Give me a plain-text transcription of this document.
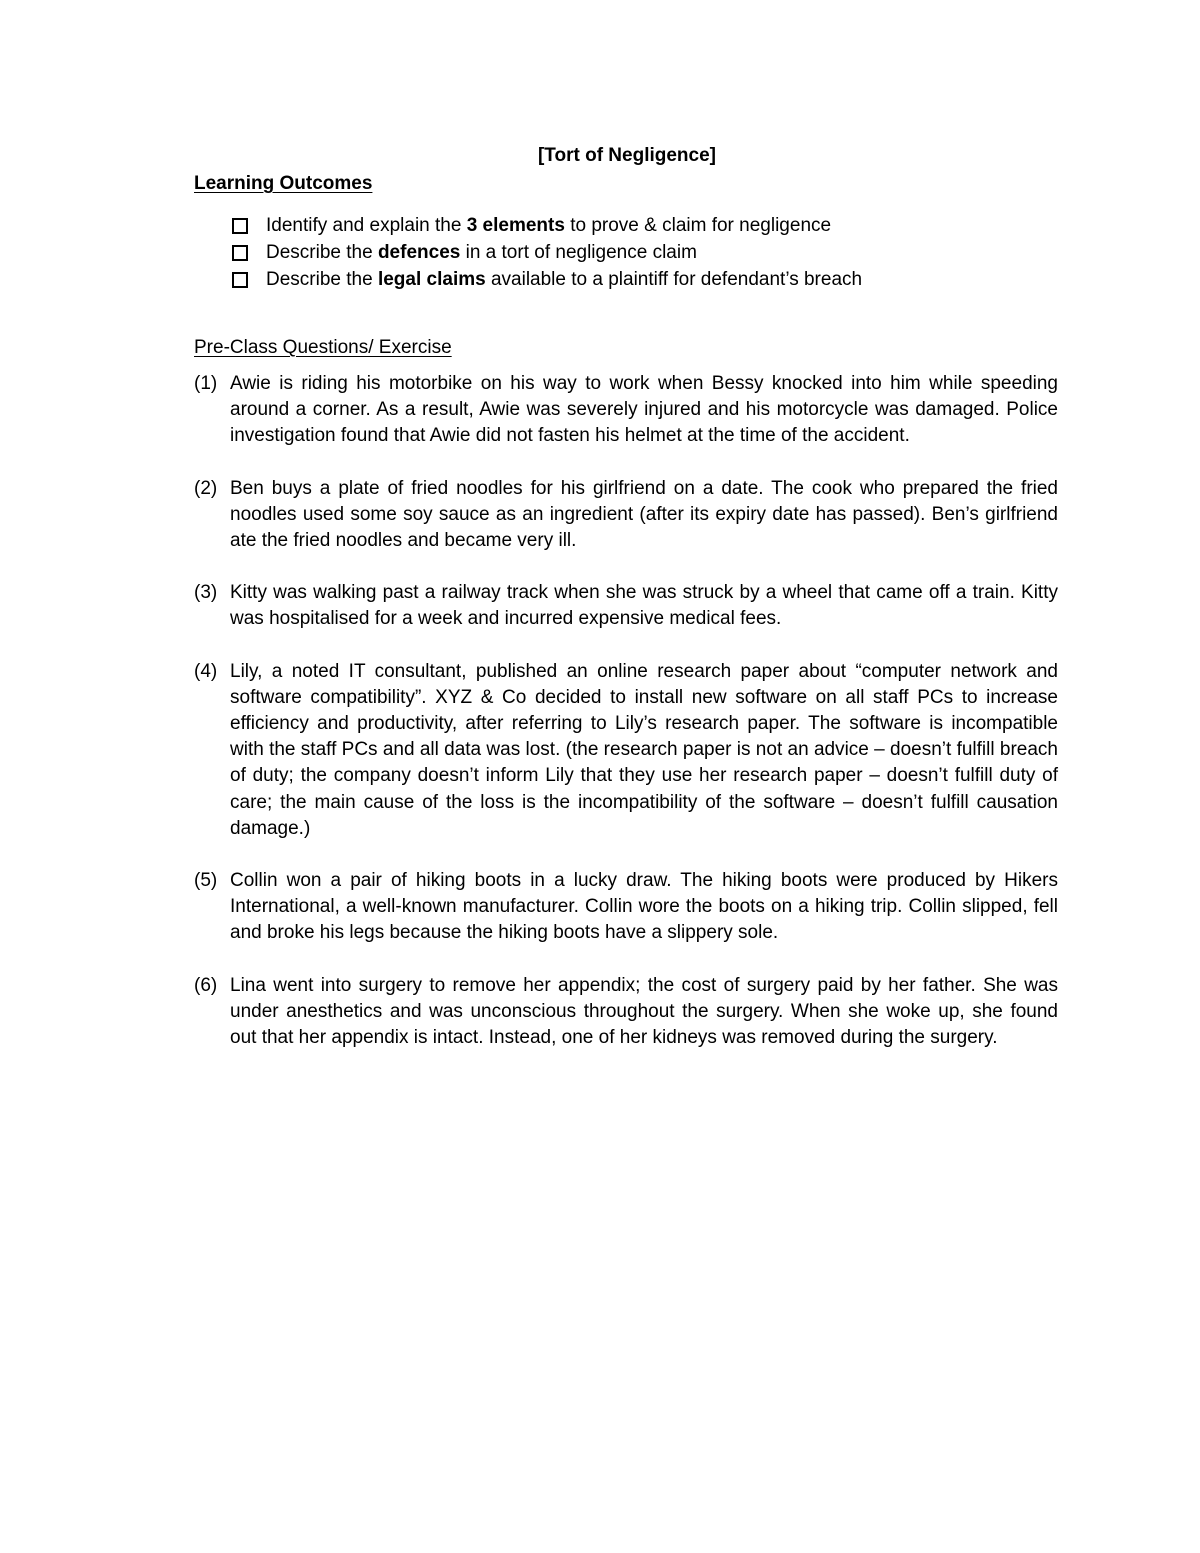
[Tort of Negligence]
Learning Outcomes
Identify and explain the 3 elements to prove & claim for negligence
Describe the defences in a tort of negligence claim
Describe the legal claims available to a plaintiff for defendant’s breach
Pre-Class Questions/ Exercise
(1) Awie is riding his motorbike on his way to work when Bessy knocked into him while speeding around a corner. As a result, Awie was severely injured and his motorcycle was damaged. Police investigation found that Awie did not fasten his helmet at the time of the accident.
(2) Ben buys a plate of fried noodles for his girlfriend on a date. The cook who prepared the fried noodles used some soy sauce as an ingredient (after its expiry date has passed). Ben’s girlfriend ate the fried noodles and became very ill.
(3) Kitty was walking past a railway track when she was struck by a wheel that came off a train. Kitty was hospitalised for a week and incurred expensive medical fees.
(4) Lily, a noted IT consultant, published an online research paper about “computer network and software compatibility”. XYZ & Co decided to install new software on all staff PCs to increase efficiency and productivity, after referring to Lily’s research paper. The software is incompatible with the staff PCs and all data was lost. (the research paper is not an advice – doesn’t fulfill breach of duty; the company doesn’t inform Lily that they use her research paper – doesn’t fulfill duty of care; the main cause of the loss is the incompatibility of the software – doesn’t fulfill causation damage.)
(5) Collin won a pair of hiking boots in a lucky draw. The hiking boots were produced by Hikers International, a well-known manufacturer. Collin wore the boots on a hiking trip. Collin slipped, fell and broke his legs because the hiking boots have a slippery sole.
(6) Lina went into surgery to remove her appendix; the cost of surgery paid by her father. She was under anesthetics and was unconscious throughout the surgery. When she woke up, she found out that her appendix is intact. Instead, one of her kidneys was removed during the surgery.
